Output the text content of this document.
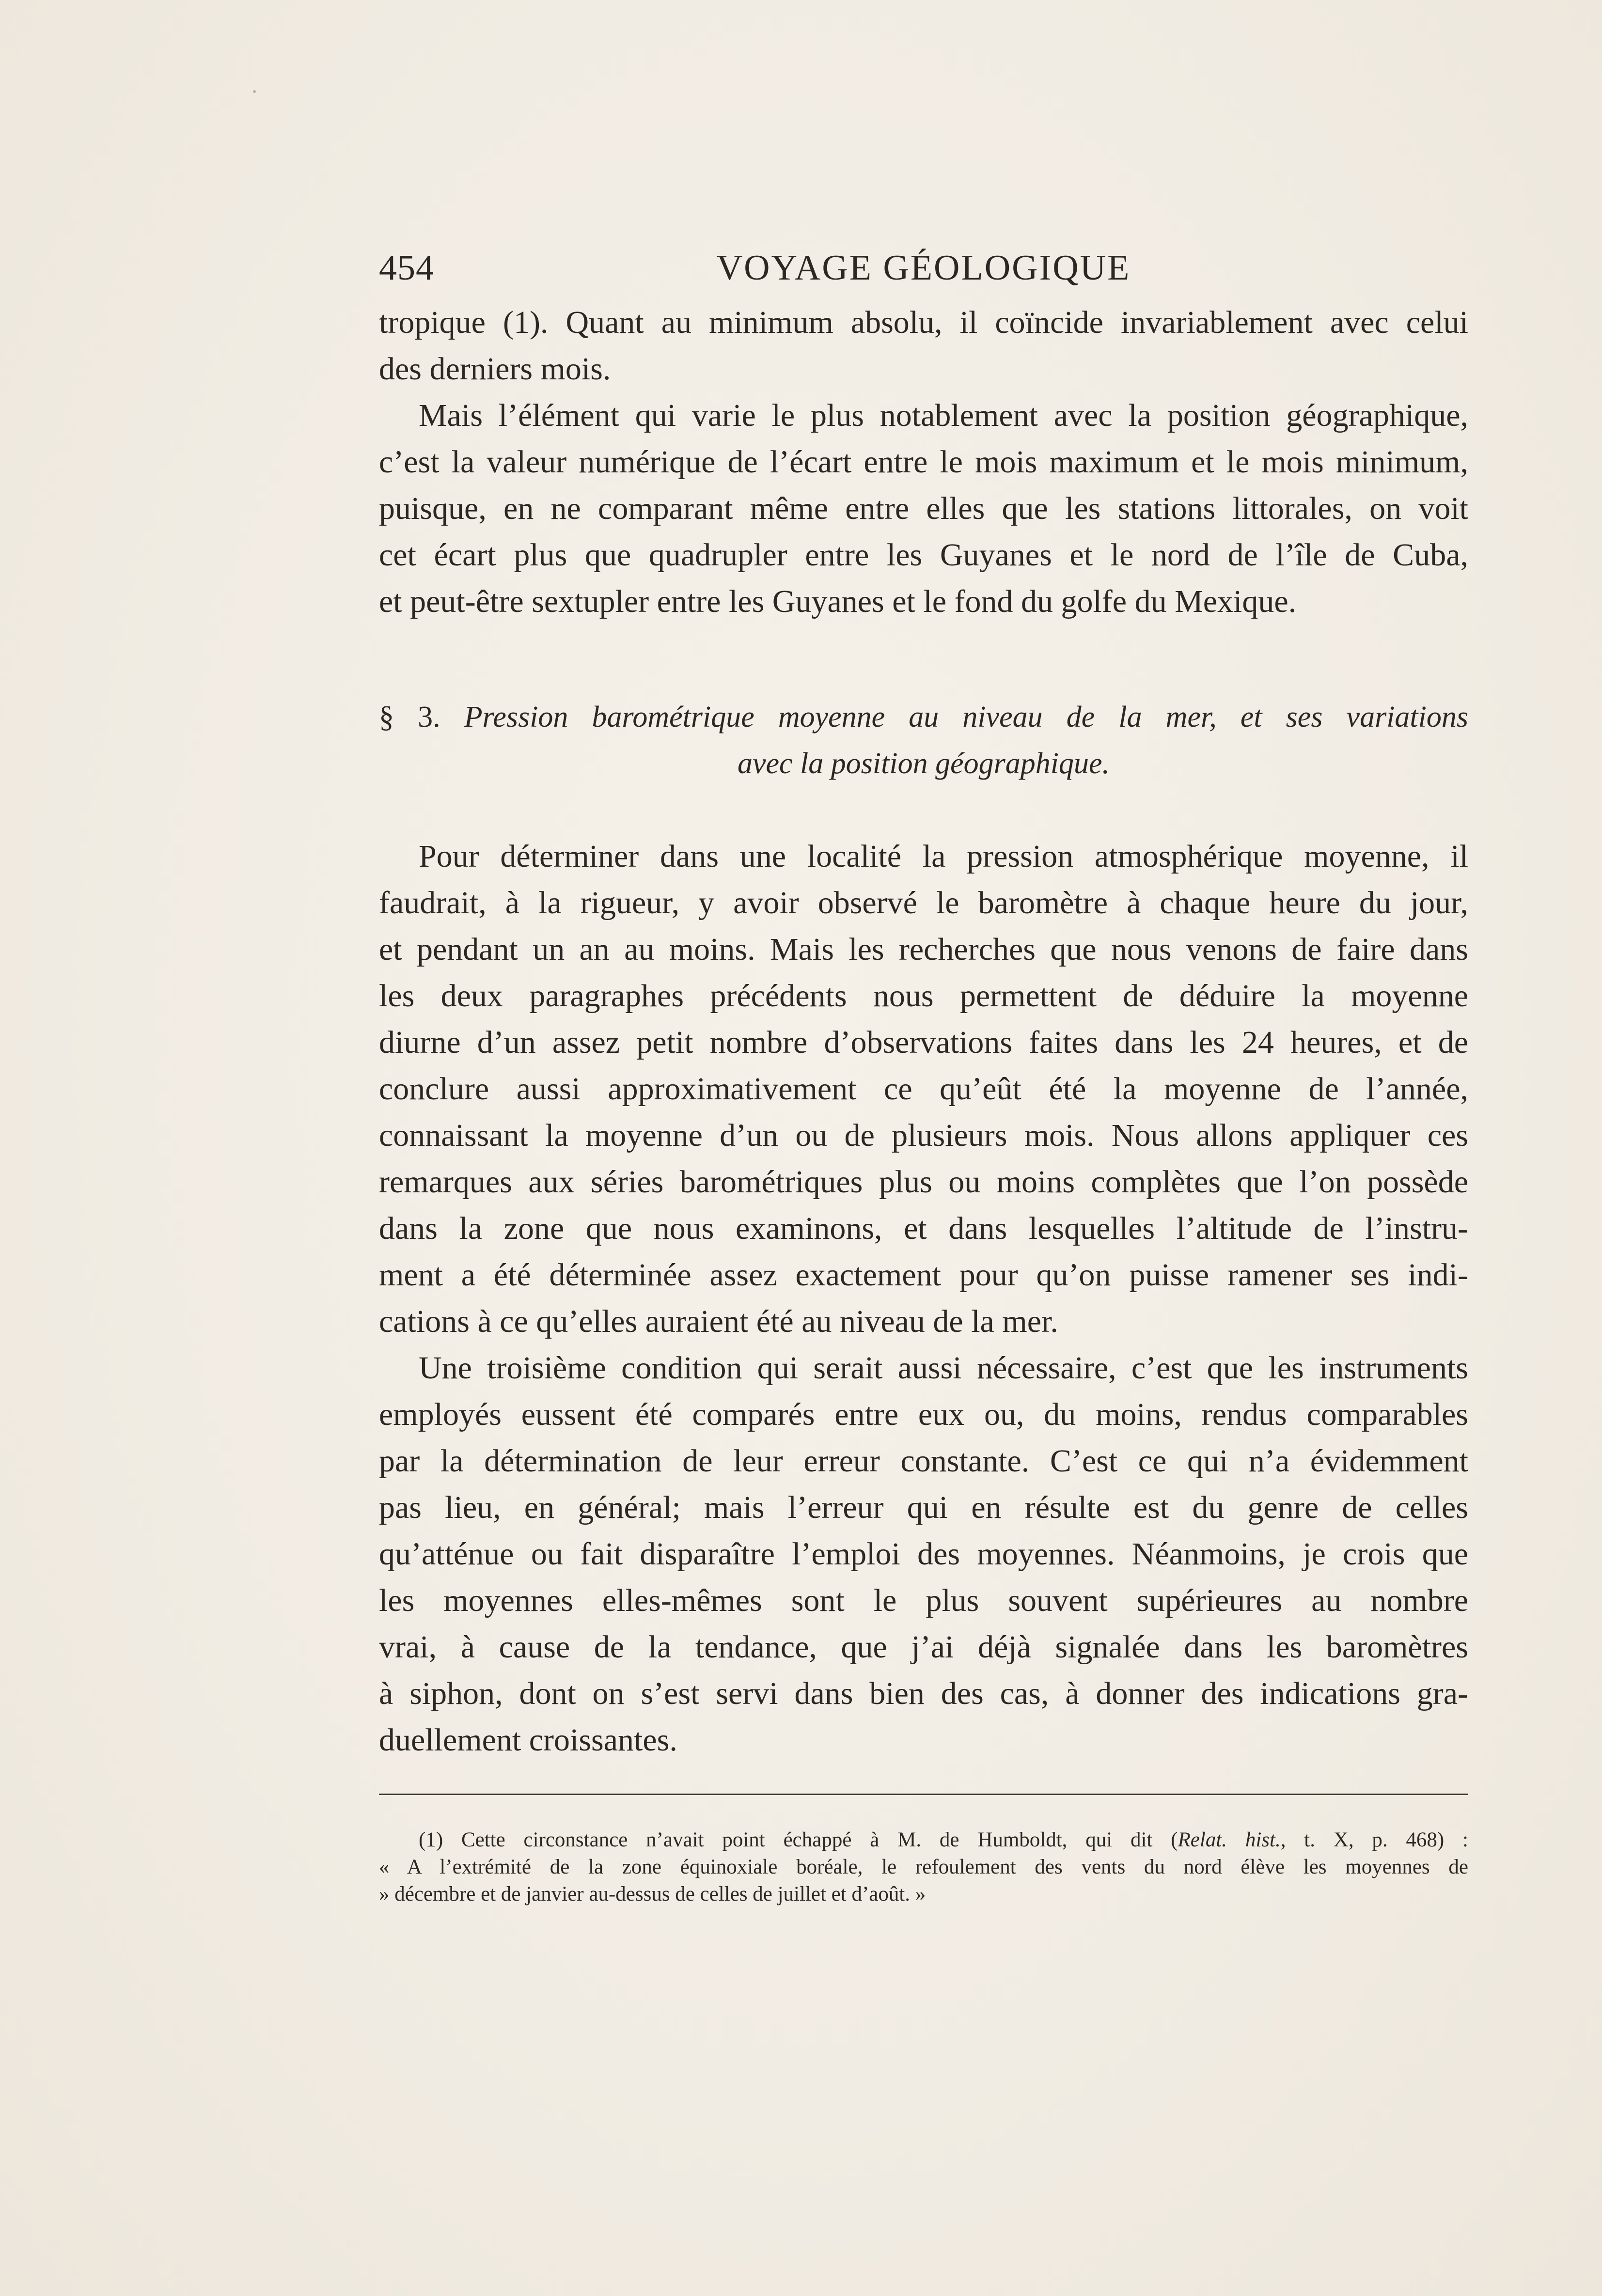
454	VOYAGE GÉOLOGIQUE
tropique (1). Quant au minimum absolu, il coïncide invariablement avec celui
des derniers mois.
Mais l’élément qui varie le plus notablement avec la position géographique,
c’est la valeur numérique de l’écart entre le mois maximum et le mois minimum,
puisque, en ne comparant même entre elles que les stations littorales, on voit
cet écart plus que quadrupler entre les Guyanes et le nord de l’île de Cuba,
et peut-être sextupler entre les Guyanes et le fond du golfe du Mexique.
§ 3. Pression barométrique moyenne au niveau de la mer, et ses variations
avec la position géographique.
Pour déterminer dans une localité la pression atmosphérique moyenne, il
faudrait, à la rigueur, y avoir observé le baromètre à chaque heure du jour,
et pendant un an au moins. Mais les recherches que nous venons de faire dans
les deux paragraphes précédents nous permettent de déduire la moyenne
diurne d’un assez petit nombre d’observations faites dans les 24 heures, et de
conclure aussi approximativement ce qu’eût été la moyenne de l’année,
connaissant la moyenne d’un ou de plusieurs mois. Nous allons appliquer ces
remarques aux séries barométriques plus ou moins complètes que l’on possède
dans la zone que nous examinons, et dans lesquelles l’altitude de l’instru-
ment a été déterminée assez exactement pour qu’on puisse ramener ses indi-
cations à ce qu’elles auraient été au niveau de la mer.
Une troisième condition qui serait aussi nécessaire, c’est que les instruments
employés eussent été comparés entre eux ou, du moins, rendus comparables
par la détermination de leur erreur constante. C’est ce qui n’a évidemment
pas lieu, en général; mais l’erreur qui en résulte est du genre de celles
qu’atténue ou fait disparaître l’emploi des moyennes. Néanmoins, je crois que
les moyennes elles-mêmes sont le plus souvent supérieures au nombre
vrai, à cause de la tendance, que j’ai déjà signalée dans les baromètres
à siphon, dont on s’est servi dans bien des cas, à donner des indications gra-
duellement croissantes.
(1) Cette circonstance n’avait point échappé à M. de Humboldt, qui dit (Relat. hist., t. X, p. 468) :
« A l’extrémité de la zone équinoxiale boréale, le refoulement des vents du nord élève les moyennes de
» décembre et de janvier au-dessus de celles de juillet et d’août. »
